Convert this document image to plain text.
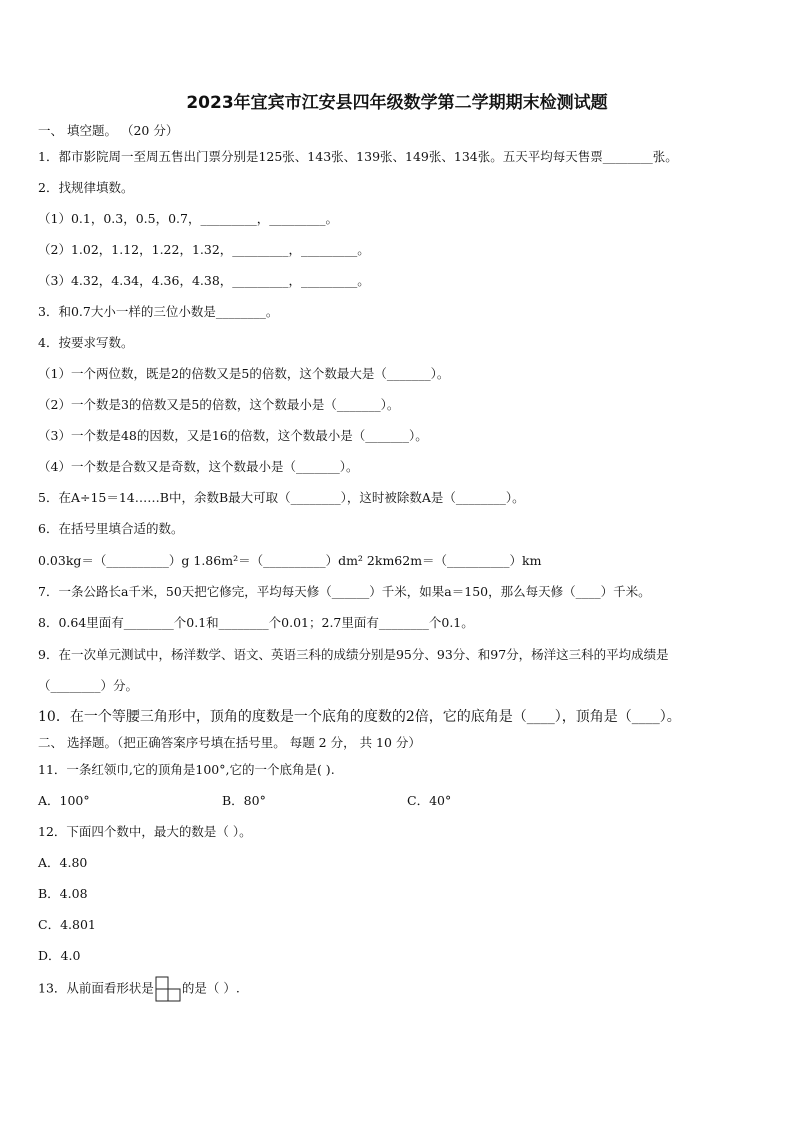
2023年宜宾市江安县四年级数学第二学期期末检测试题
一、 填空题。 （20 分）
1．都市影院周一至周五售出门票分别是125张、143张、139张、149张、134张。五天平均每天售票________张。
2．找规律填数。
（1）0.1，0.3，0.5，0.7，_________，_________。
（2）1.02，1.12，1.22，1.32，_________，_________。
（3）4.32，4.34，4.36，4.38，_________，_________。
3．和0.7大小一样的三位小数是________。
4．按要求写数。
（1）一个两位数，既是2的倍数又是5的倍数，这个数最大是（_______）。
（2）一个数是3的倍数又是5的倍数，这个数最小是（_______）。
（3）一个数是48的因数，又是16的倍数，这个数最小是（_______）。
（4）一个数是合数又是奇数，这个数最小是（_______）。
5．在A÷15＝14……B中，余数B最大可取（________），这时被除数A是（________）。
6．在括号里填合适的数。
0.03kg＝（__________）g 1.86m²＝（__________）dm² 2km62m＝（__________）km
7．一条公路长a千米，50天把它修完，平均每天修（______）千米，如果a＝150，那么每天修（____）千米。
8．0.64里面有________个0.1和________个0.01；2.7里面有________个0.1。
9．在一次单元测试中，杨洋数学、语文、英语三科的成绩分别是95分、93分、和97分，杨洋这三科的平均成绩是
（________）分。
10．在一个等腰三角形中，顶角的度数是一个底角的度数的2倍，它的底角是（____），顶角是（____）。
二、 选择题。（把正确答案序号填在括号里。 每题 2 分， 共 10 分）
11．一条红领巾,它的顶角是100°,它的一个底角是( ).
A．100°	B．80°	C．40°
12．下面四个数中，最大的数是（ ）。
A．4.80
B．4.08
C．4.801
D．4.0
13．从前面看形状是 的是（ ）.
